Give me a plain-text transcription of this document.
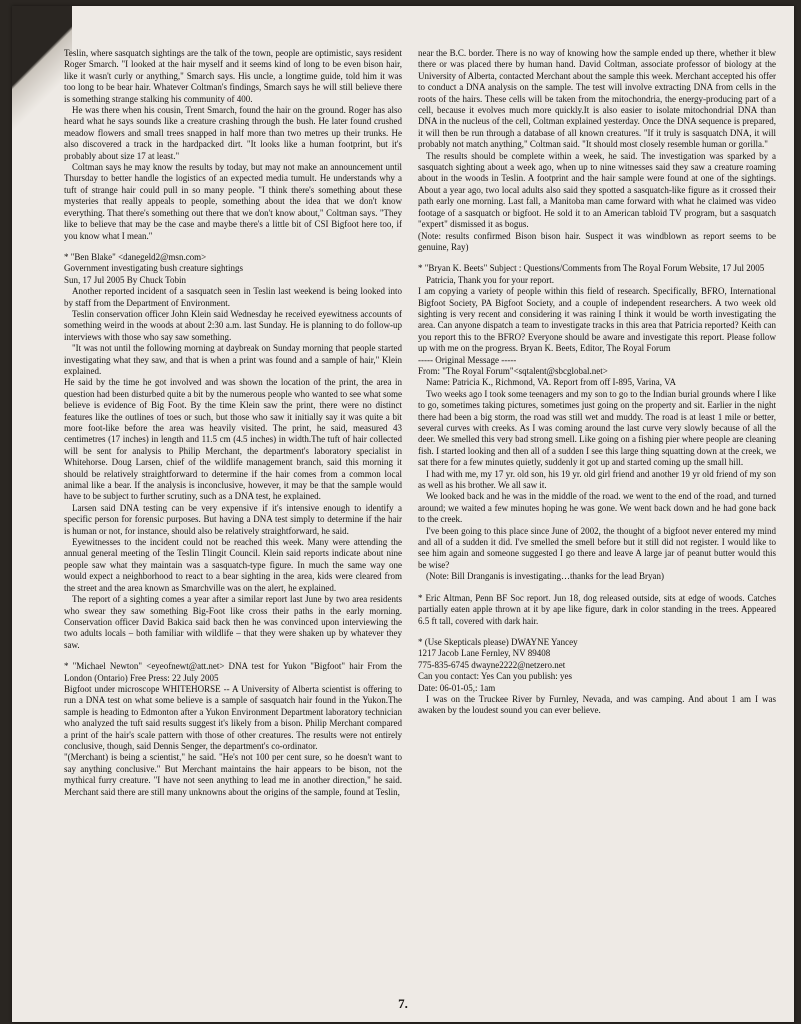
Teslin, where sasquatch sightings are the talk of the town, people are optimistic, says resident Roger Smarch. "I looked at the hair myself and it seems kind of long to be even bison hair, like it wasn't curly or anything," Smarch says. His uncle, a longtime guide, told him it was too long to be bear hair. Whatever Coltman's findings, Smarch says he will still believe there is something strange stalking his community of 400.

He was there when his cousin, Trent Smarch, found the hair on the ground. Roger has also heard what he says sounds like a creature crashing through the bush. He later found crushed meadow flowers and small trees snapped in half more than two metres up their trunks. He also discovered a track in the hardpacked dirt. "It looks like a human footprint, but it's probably about size 17 at least."

Coltman says he may know the results by today, but may not make an announcement until Thursday to better handle the logistics of an expected media tumult. He understands why a tuft of strange hair could pull in so many people. "I think there's something about these mysteries that really appeals to people, something about the idea that we don't know everything. That there's something out there that we don't know about," Coltman says. "They like to believe that may be the case and maybe there's a little bit of CSI Bigfoot here too, if you know what I mean."

* "Ben Blake" <danegeld2@msn.com>

Government investigating bush creature sightings

Sun, 17 Jul 2005 By Chuck Tobin

Another reported incident of a sasquatch seen in Teslin last weekend is being looked into by staff from the Department of Environment.

Teslin conservation officer John Klein said Wednesday he received eyewitness accounts of something weird in the woods at about 2:30 a.m. last Sunday. He is planning to do follow-up interviews with those who say saw something.

"It was not until the following morning at daybreak on Sunday morning that people started investigating what they saw, and that is when a print was found and a sample of hair," Klein explained.

He said by the time he got involved and was shown the location of the print, the area in question had been disturbed quite a bit by the numerous people who wanted to see what some believe is evidence of Big Foot. By the time Klein saw the print, there were no distinct features like the outlines of toes or such, but those who saw it initially say it was quite a bit more foot-like before the area was heavily visited. The print, he said, measured 43 centimetres (17 inches) in length and 11.5 cm (4.5 inches) in width.The tuft of hair collected will be sent for analysis to Philip Merchant, the department's laboratory specialist in Whitehorse. Doug Larsen, chief of the wildlife management branch, said this morning it should be relatively straightforward to determine if the hair comes from a common local animal like a bear. If the analysis is inconclusive, however, it may be that the sample would have to be subject to further scrutiny, such as a DNA test, he explained.

Larsen said DNA testing can be very expensive if it's intensive enough to identify a specific person for forensic purposes. But having a DNA test simply to determine if the hair is human or not, for instance, should also be relatively straightforward, he said.

Eyewitnesses to the incident could not be reached this week. Many were attending the annual general meeting of the Teslin Tlingit Council. Klein said reports indicate about nine people saw what they maintain was a sasquatch-type figure. In much the same way one would expect a neighborhood to react to a bear sighting in the area, kids were cleared from the street and the area known as Smarchville was on the alert, he explained.

The report of a sighting comes a year after a similar report last June by two area residents who swear they saw something Big-Foot like cross their paths in the early morning. Conservation officer David Bakica said back then he was convinced upon interviewing the two adults locals – both familiar with wildlife – that they were shaken up by whatever they saw.

* "Michael Newton" <eyeofnewt@att.net> DNA test for Yukon "Bigfoot" hair From the London (Ontario) Free Press: 22 July 2005

Bigfoot under microscope WHITEHORSE -- A University of Alberta scientist is offering to run a DNA test on what some believe is a sample of sasquatch hair found in the Yukon.The sample is heading to Edmonton after a Yukon Environment Department laboratory technician who analyzed the tuft said results suggest it's likely from a bison. Philip Merchant compared a print of the hair's scale pattern with those of other creatures. The results were not entirely conclusive, though, said Dennis Senger, the department's co-ordinator.

"(Merchant) is being a scientist," he said. "He's not 100 per cent sure, so he doesn't want to say anything conclusive." But Merchant maintains the hair appears to be bison, not the mythical furry creature. "I have not seen anything to lead me in another direction," he said. Merchant said there are still many unknowns about the origins of the sample, found at Teslin,

near the B.C. border. There is no way of knowing how the sample ended up there, whether it blew there or was placed there by human hand. David Coltman, associate professor of biology at the University of Alberta, contacted Merchant about the sample this week. Merchant accepted his offer to conduct a DNA analysis on the sample. The test will involve extracting DNA from cells in the roots of the hairs. These cells will be taken from the mitochondria, the energy-producing part of a cell, because it evolves much more quickly.It is also easier to isolate mitochondrial DNA than DNA in the nucleus of the cell, Coltman explained yesterday. Once the DNA sequence is prepared, it will then be run through a database of all known creatures. "If it truly is sasquatch DNA, it will probably not match anything," Coltman said. "It should most closely resemble human or gorilla."

The results should be complete within a week, he said. The investigation was sparked by a sasquatch sighting about a week ago, when up to nine witnesses said they saw a creature roaming about in the woods in Teslin. A footprint and the hair sample were found at one of the sightings. About a year ago, two local adults also said they spotted a sasquatch-like figure as it crossed their path early one morning. Last fall, a Manitoba man came forward with what he claimed was video footage of a sasquatch or bigfoot. He sold it to an American tabloid TV program, but a sasquatch "expert" dismissed it as bogus.

(Note: results confirmed Bison bison hair. Suspect it was windblown as report seems to be genuine, Ray)

* "Bryan K. Beets" Subject : Questions/Comments from The Royal Forum Website, 17 Jul 2005

Patricia, Thank you for your report.

I am copying a variety of people within this field of research. Specifically, BFRO, International Bigfoot Society, PA Bigfoot Society, and a couple of independent researchers. A two week old sighting is very recent and considering it was raining I think it would be worth investigating the area. Can anyone dispatch a team to investigate tracks in this area that Patricia reported? Keith can you report this to the BFRO? Everyone should be aware and investigate this report. Please follow up with me on the progress. Bryan K. Beets, Editor, The Royal Forum

----- Original Message -----

From: "The Royal Forum"<sqtalent@sbcglobal.net>

Name: Patricia K., Richmond, VA. Report from off I-895, Varina, VA

Two weeks ago I took some teenagers and my son to go to the Indian burial grounds where I like to go, sometimes taking pictures, sometimes just going on the property and sit. Earlier in the night there had been a big storm, the road was still wet and muddy. The road is at least 1 mile or better, several curves with creeks. As I was coming around the last curve very slowly because of all the deer. We smelled this very bad strong smell. Like going on a fishing pier where people are cleaning fish. I started looking and then all of a sudden I see this large thing squatting down at the creek, we sat there for a few minutes quietly, suddenly it got up and started coming up the small hill.

I had with me, my 17 yr. old son, his 19 yr. old girl friend and another 19 yr old friend of my son as well as his brother. We all saw it.

We looked back and he was in the middle of the road. we went to the end of the road, and turned around; we waited a few minutes hoping he was gone. We went back down and he had gone back to the creek.

I've been going to this place since June of 2002, the thought of a bigfoot never entered my mind and all of a sudden it did. I've smelled the smell before but it still did not register. I would like to see him again and someone suggested I go there and leave A large jar of peanut butter would this be wise?

(Note: Bill Dranganis is investigating…thanks for the lead Bryan)

* Eric Altman, Penn BF Soc report. Jun 18, dog released outside, sits at edge of woods. Catches partially eaten apple thrown at it by ape like figure, dark in color standing in the trees. Appeared 6.5 ft tall, covered with dark hair.

* (Use Skepticals please) DWAYNE Yancey

1217 Jacob Lane Fernley, NV 89408

775-835-6745 dwayne2222@netzero.net

Can you contact: Yes Can you publish: yes

Date: 06-01-05,: 1am

I was on the Truckee River by Furnley, Nevada, and was camping. And about 1 am I was awaken by the loudest sound you can ever believe.

7.
